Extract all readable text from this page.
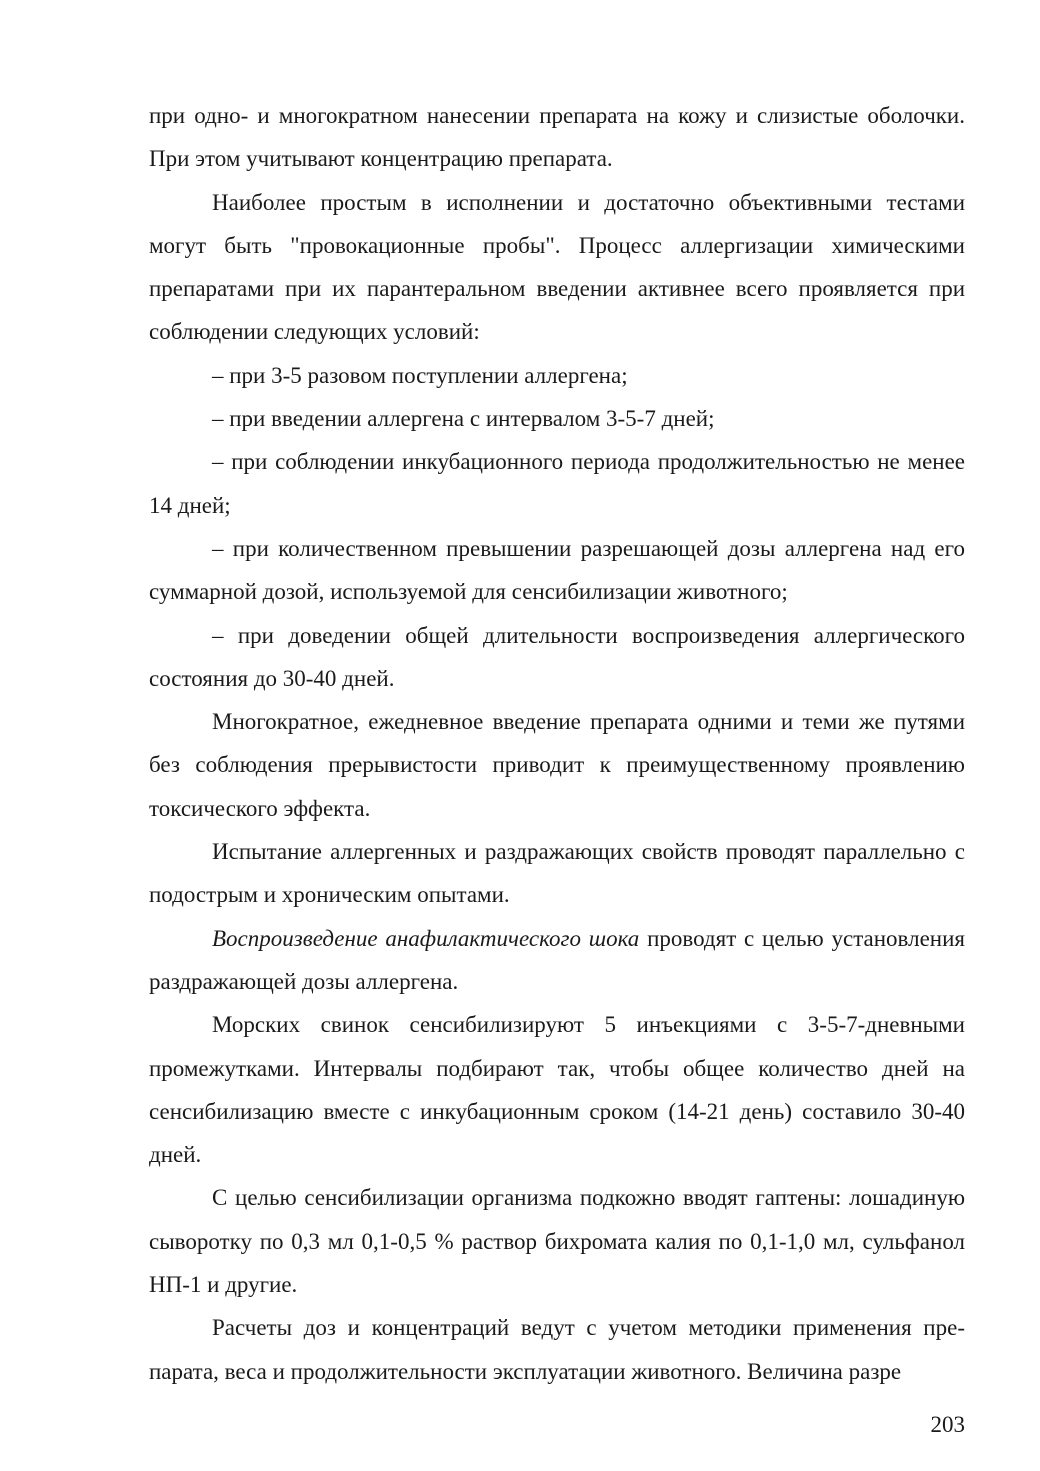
при одно- и многократном нанесении препарата на кожу и слизистые оболочки. При этом учитывают концентрацию препарата.

Наиболее простым в исполнении и достаточно объективными тестами могут быть "провокационные пробы". Процесс аллергизации химическими препаратами при их парантеральном введении активнее всего проявляется при соблюдении следующих условий:

– при 3-5 разовом поступлении аллергена;

– при введении аллергена с интервалом 3-5-7 дней;

– при соблюдении инкубационного периода продолжительностью не менее 14 дней;

– при количественном превышении разрешающей дозы аллергена над его суммарной дозой, используемой для сенсибилизации животного;

– при доведении общей длительности воспроизведения аллергического состояния до 30-40 дней.

Многократное, ежедневное введение препарата одними и теми же путями без соблюдения прерывистости приводит к преимущественному проявлению токсического эффекта.

Испытание аллергенных и раздражающих свойств проводят параллельно с подострым и хроническим опытами.

Воспроизведение анафилактического шока проводят с целью установления раздражающей дозы аллергена.

Морских свинок сенсибилизируют 5 инъекциями с 3-5-7-дневными промежутками. Интервалы подбирают так, чтобы общее количество дней на сенсибилизацию вместе с инкубационным сроком (14-21 день) составило 30-40 дней.

С целью сенсибилизации организма подкожно вводят гаптены: лошадиную сыворотку по 0,3 мл 0,1-0,5 % раствор бихромата калия по 0,1-1,0 мл, сульфанол НП-1 и другие.

Расчеты доз и концентраций ведут с учетом методики применения препарата, веса и продолжительности эксплуатации животного. Величина разре

203
